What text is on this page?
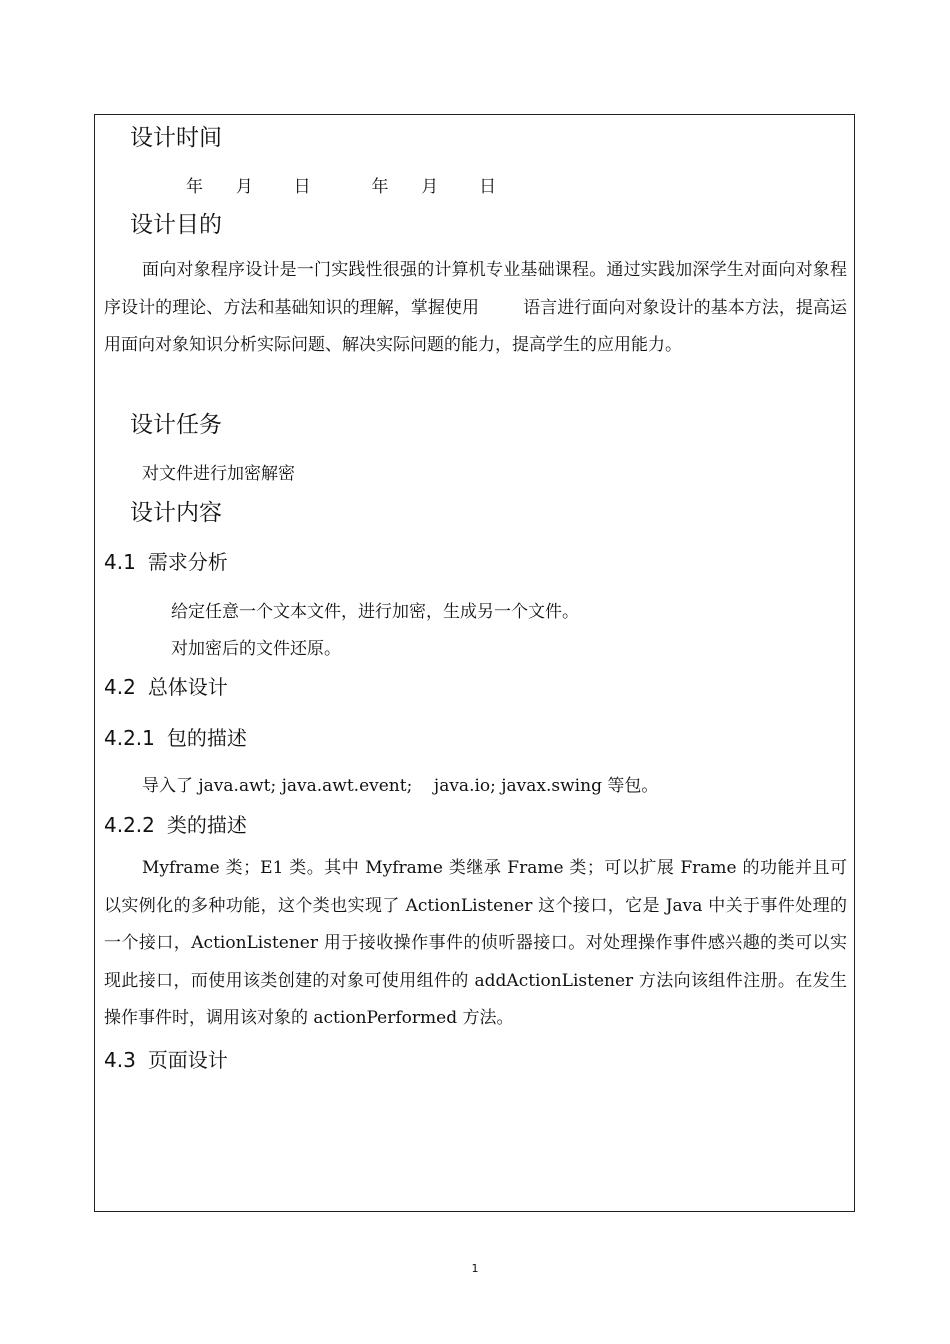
设计时间
年 月 日	年 月 日
设计目的
面向对象程序设计是一门实践性很强的计算机专业基础课程。通过实践加深学生对面向对象程序设计的理论、方法和基础知识的理解，掌握使用	语言进行面向对象设计的基本方法，提高运用面向对象知识分析实际问题、解决实际问题的能力，提高学生的应用能力。
设计任务
对文件进行加密解密
设计内容
4.1 需求分析
给定任意一个文本文件，进行加密，生成另一个文件。
对加密后的文件还原。
4.2 总体设计
4.2.1 包的描述
导入了 java.awt; java.awt.event;    java.io; javax.swing 等包。
4.2.2 类的描述
Myframe 类；E1 类。其中 Myframe 类继承 Frame 类；可以扩展 Frame 的功能并且可以实例化的多种功能，这个类也实现了 ActionListener 这个接口，它是 Java 中关于事件处理的一个接口，ActionListener 用于接收操作事件的侦听器接口。对处理操作事件感兴趣的类可以实现此接口，而使用该类创建的对象可使用组件的 addActionListener 方法向该组件注册。在发生操作事件时，调用该对象的 actionPerformed 方法。
4.3 页面设计
1
